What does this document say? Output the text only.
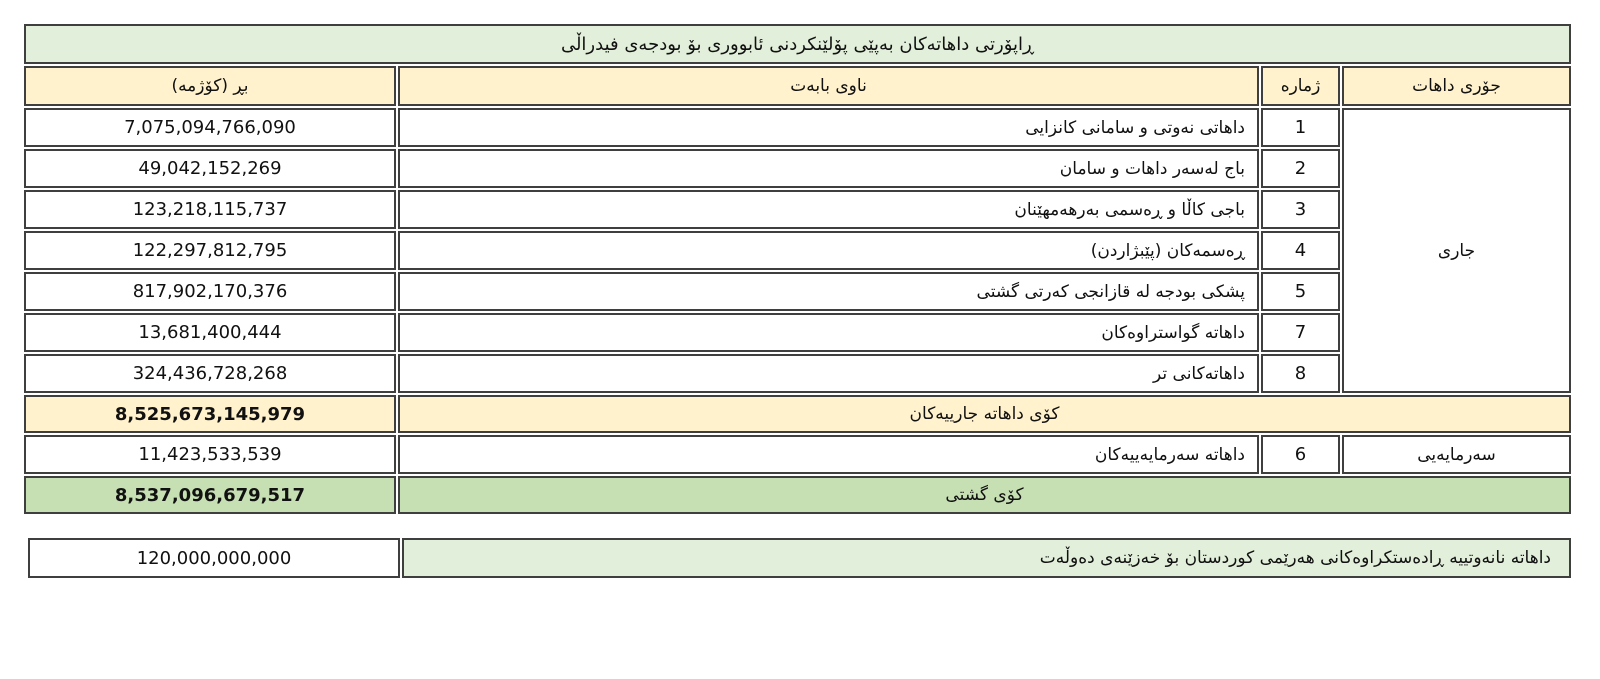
ڕاپۆرتی داهاتەکان بەپێی پۆلێنکردنی ئابووری بۆ بودجەی فیدراڵی			
جۆری داهات	ژمارە	ناوی بابەت	بڕ (کۆژمە)
جاری	1	داهاتی نەوتی و سامانی کانزایی	7,075,094,766,090
	2	باج لەسەر داهات و سامان	49,042,152,269
	3	باجی کاڵا و ڕەسمی بەرهەمهێنان	123,218,115,737
	4	ڕەسمەکان (پێبژاردن)	122,297,812,795
	5	پشکی بودجە لە قازانجی کەرتی گشتی	817,902,170,376
	7	داهاتە گواستراوەکان	13,681,400,444
	8	داهاتەکانی تر	324,436,728,268
کۆی داهاتە جارییەکان			8,525,673,145,979
سەرمایەیی	6	داهاتە سەرمایەییەکان	11,423,533,539
کۆی گشتی			8,537,096,679,517
داهاتە نانەوتییە ڕادەستکراوەکانی هەرێمی کوردستان بۆ خەزێنەی دەوڵەت	120,000,000,000
